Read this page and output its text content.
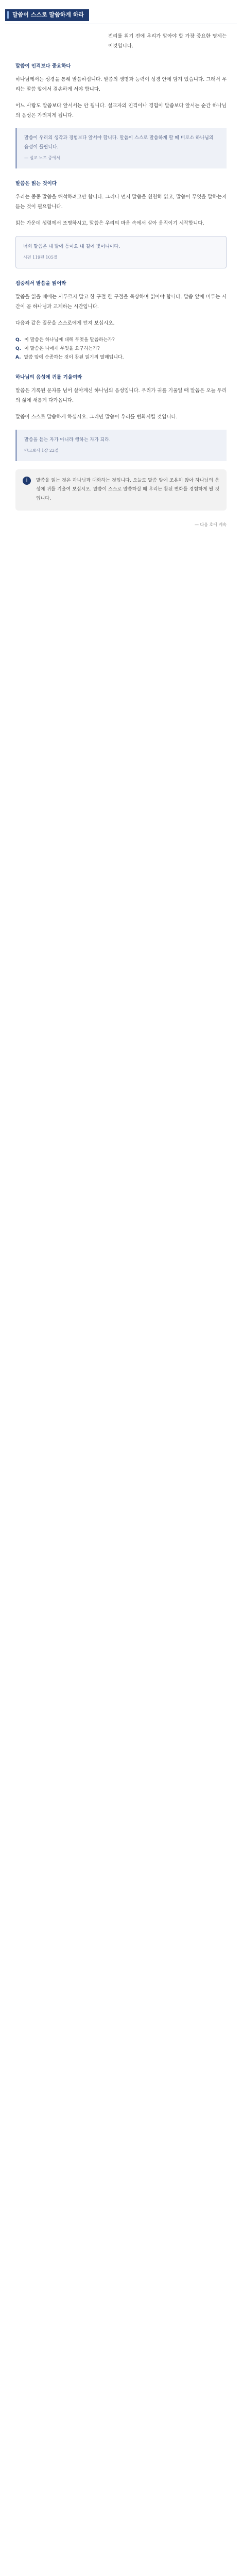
말씀이 스스로 말씀하게 하라

전리를 위기 전에 우리가 알아야 할 가장 중요한 명제는 이것입니다.

말씀이 인격보다 중요하다

하나님께서는 성경을 통해 말씀하십니다. 말씀의 생명과 능력이 성경 안에 담겨 있습니다. 그래서 우리는 말씀 앞에서 겸손하게 서야 합니다.

어느 사람도 말씀보다 앞서서는 안 됩니다. 설교자의 인격이나 경험이 말씀보다 앞서는 순간 하나님의 음성은 가려지게 됩니다.

말씀이 우리의 생각과 경험보다 앞서야 합니다. 말씀이 스스로 말씀하게 할 때 비로소 하나님의 음성이 들립니다.
— 설교 노트 중에서
말씀은 읽는 것이다

우리는 종종 말씀을 해석하려고만 합니다. 그러나 먼저 말씀을 천천히 읽고, 말씀이 무엇을 말하는지 듣는 것이 필요합니다.

읽는 가운데 성령께서 조명하시고, 말씀은 우리의 마음 속에서 살아 움직이기 시작합니다.

너희 말씀은 내 발에 등이요 내 길에 빛이니이다.
시편 119편 105절
집중해서 말씀을 읽어라

말씀을 읽을 때에는 서두르지 말고 한 구절 한 구절을 묵상하며 읽어야 합니다. 말씀 앞에 머무는 시간이 곧 하나님과 교제하는 시간입니다.

다음과 같은 질문을 스스로에게 던져 보십시오.

Q. 이 말씀은 하나님에 대해 무엇을 말씀하는가?
Q. 이 말씀은 나에게 무엇을 요구하는가?
A. 말씀 앞에 순종하는 것이 참된 읽기의 열매입니다.
하나님의 음성에 귀를 기울여라

말씀은 기록된 문자를 넘어 살아계신 하나님의 음성입니다. 우리가 귀를 기울일 때 말씀은 오늘 우리의 삶에 새롭게 다가옵니다.

말씀이 스스로 말씀하게 하십시오. 그러면 말씀이 우리를 변화시킬 것입니다.

말씀을 듣는 자가 아니라 행하는 자가 되라.
야고보서 1장 22절
i	말씀을 읽는 것은 하나님과 대화하는 것입니다. 오늘도 말씀 앞에 조용히 앉아 하나님의 음성에 귀를 기울여 보십시오. 말씀이 스스로 말씀하실 때 우리는 참된 변화를 경험하게 될 것입니다.
— 다음 호에 계속
